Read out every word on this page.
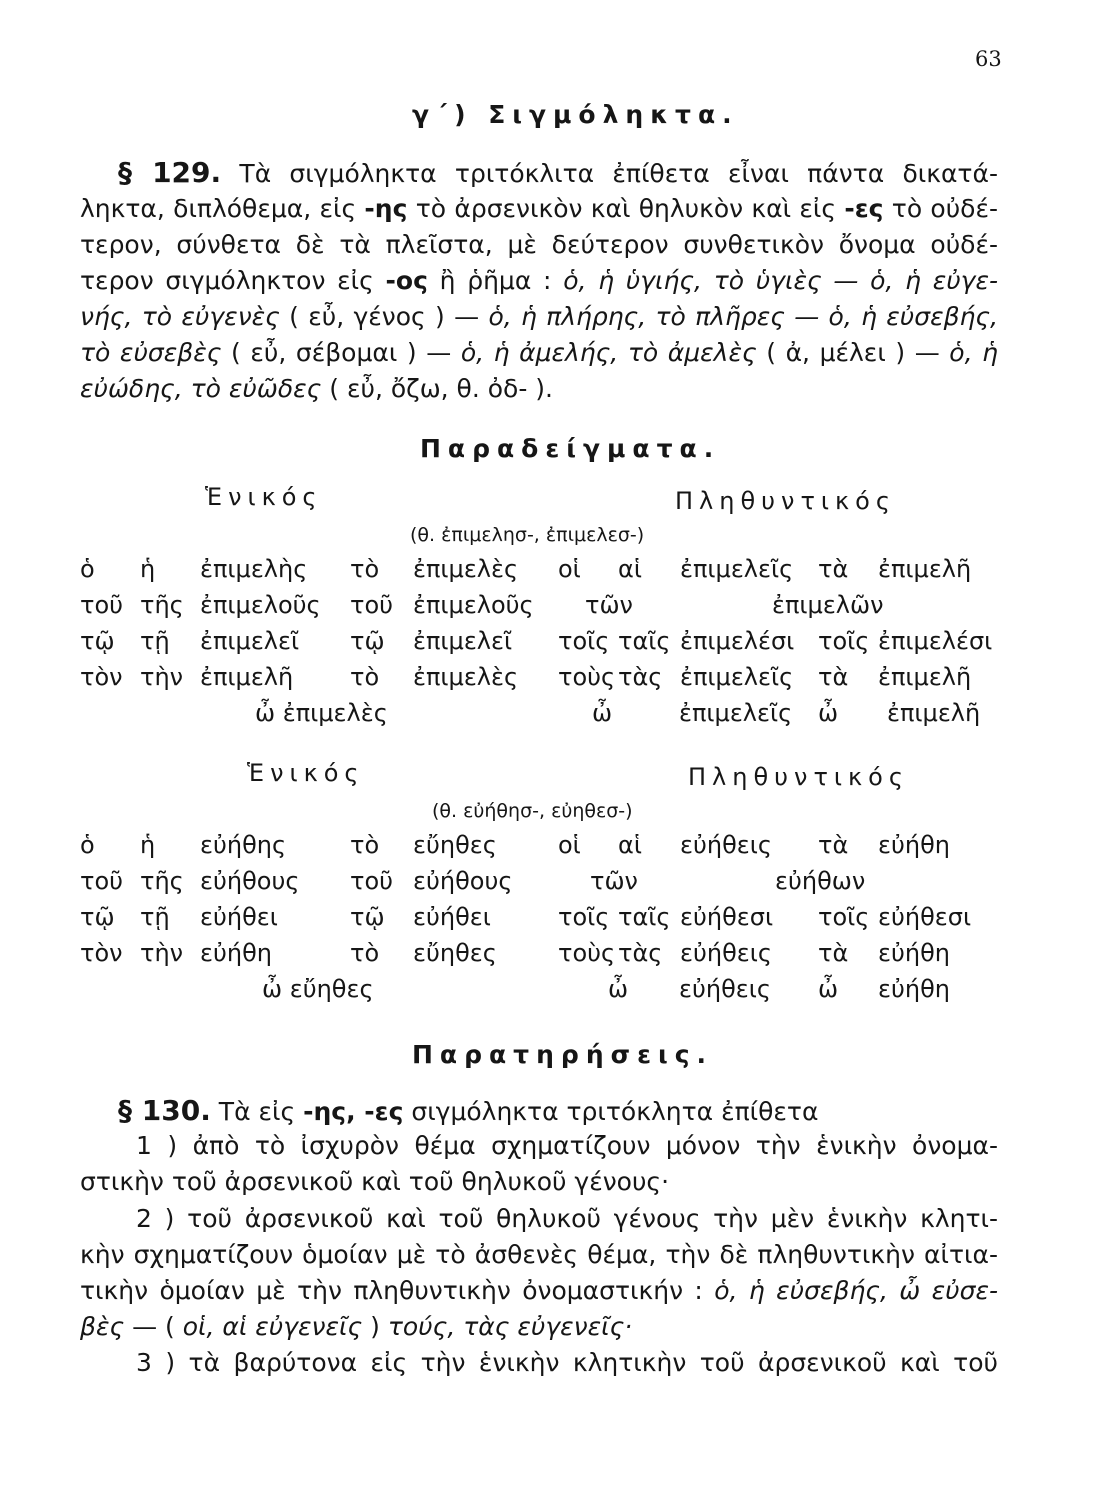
63
γ΄) Σιγμόληκτα.
§ 129. Τὰ σιγμόληκτα τριτόκλιτα ἐπίθετα εἶναι πάντα δικατά-
ληκτα, διπλόθεμα, εἰς -ης τὸ ἀρσενικὸν καὶ θηλυκὸν καὶ εἰς -ες τὸ οὐδέ-
τερον, σύνθετα δὲ τὰ πλεῖστα, μὲ δεύτερον συνθετικὸν ὄνομα οὐδέ-
τερον σιγμόληκτον εἰς -ος ἢ ῥῆμα : ὁ, ἡ ὑγιής, τὸ ὑγιὲς — ὁ, ἡ εὐγε-
νής, τὸ εὐγενὲς ( εὖ, γένος ) — ὁ, ἡ πλήρης, τὸ πλῆρες — ὁ, ἡ εὐσεβής,
τὸ εὐσεβὲς ( εὖ, σέβομαι ) — ὁ, ἡ ἀμελής, τὸ ἀμελὲς ( ἀ, μέλει ) — ὁ, ἡ
εὐώδης, τὸ εὐῶδες ( εὖ, ὄζω, θ. ὀδ- ).
Παραδείγματα.
Ἑνικός	Πληθυντικός
(θ. ἐπιμελησ-, ἐπιμελεσ-)
ὁ ἡ ἐπιμελὴς τὸ ἐπιμελὲς οἱ αἱ ἐπιμελεῖς τὰ ἐπιμελῆ
τοῦ τῆς ἐπιμελοῦς τοῦ ἐπιμελοῦς τῶν	ἐπιμελῶν
τῷ τῇ ἐπιμελεῖ τῷ ἐπιμελεῖ τοῖς ταῖς ἐπιμελέσι τοῖς ἐπιμελέσι
τὸν τὴν ἐπιμελῆ τὸ ἐπιμελὲς τοὺς τὰς ἐπιμελεῖς τὰ ἐπιμελῆ
ὦ ἐπιμελὲς	ὦ	ἐπιμελεῖς ὦ ἐπιμελῆ
Ἑνικός	Πληθυντικός
(θ. εὐήθησ-, εὐηθεσ-)
ὁ ἡ εὐήθης	τὸ εὔηθες	οἱ αἱ εὐήθεις τὰ εὐήθη
τοῦ τῆς εὐήθους τοῦ εὐήθους	τῶν	εὐήθων
τῷ τῇ εὐήθει	τῷ εὐήθει	τοῖς ταῖς εὐήθεσι τοῖς εὐήθεσι
τὸν τὴν εὐήθη	τὸ εὔηθες	τοὺς τὰς εὐήθεις τὰ εὐήθη
ὦ εὔηθες	ὦ εὐήθεις ὦ εὐήθη
Παρατηρήσεις.
§ 130. Τὰ εἰς -ης, -ες σιγμόληκτα τριτόκλητα ἐπίθετα
1 ) ἀπὸ τὸ ἰσχυρὸν θέμα σχηματίζουν μόνον τὴν ἑνικὴν ὀνομα-
στικὴν τοῦ ἀρσενικοῦ καὶ τοῦ θηλυκοῦ γένους·
2 ) τοῦ ἀρσενικοῦ καὶ τοῦ θηλυκοῦ γένους τὴν μὲν ἑνικὴν κλητι-
κὴν σχηματίζουν ὁμοίαν μὲ τὸ ἀσθενὲς θέμα, τὴν δὲ πληθυντικὴν αἰτια-
τικὴν ὁμοίαν μὲ τὴν πληθυντικὴν ὀνομαστικήν : ὁ, ἡ εὐσεβής, ὦ εὐσε-
βὲς — ( οἱ, αἱ εὐγενεῖς ) τούς, τὰς εὐγενεῖς·
3 ) τὰ βαρύτονα εἰς τὴν ἑνικὴν κλητικὴν τοῦ ἀρσενικοῦ καὶ τοῦ
